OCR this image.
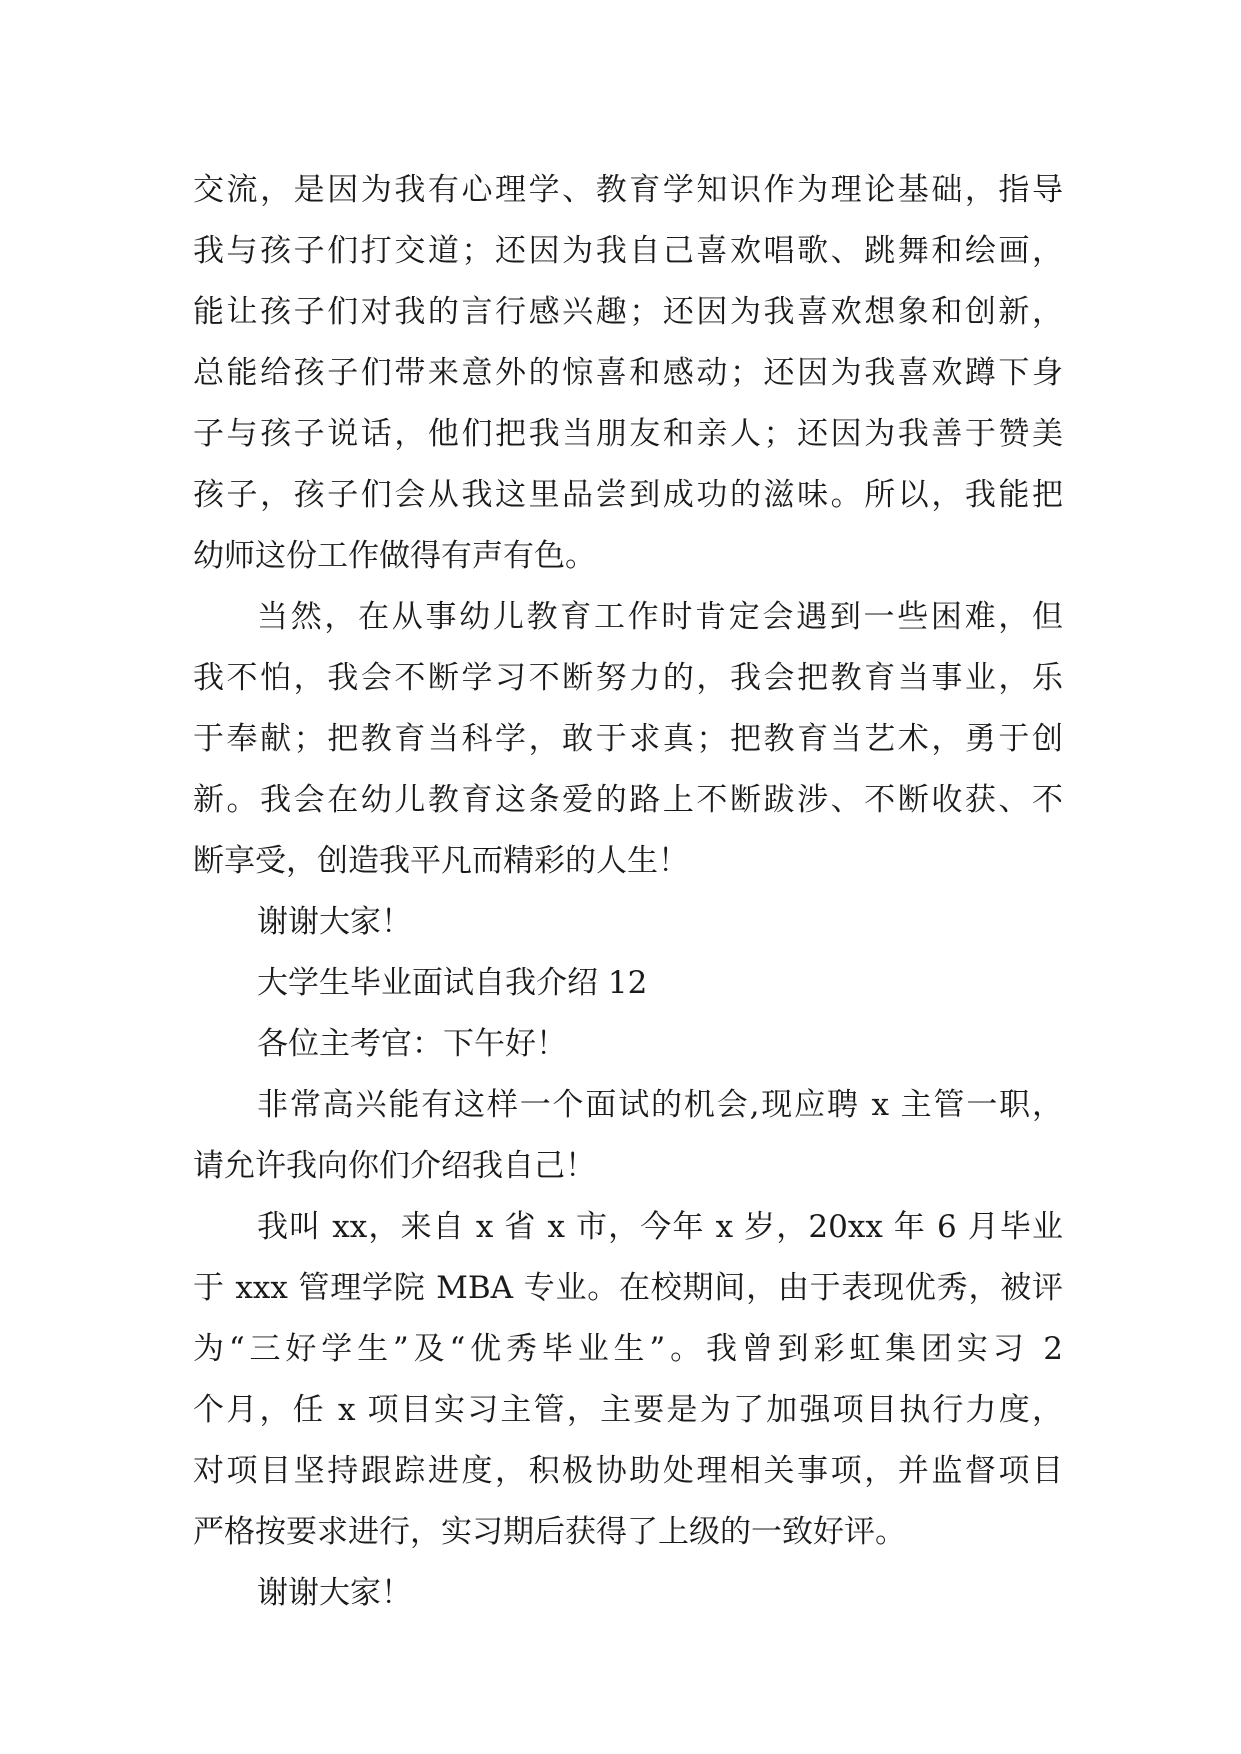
交流，是因为我有心理学、教育学知识作为理论基础，指导
我与孩子们打交道；还因为我自己喜欢唱歌、跳舞和绘画，
能让孩子们对我的言行感兴趣；还因为我喜欢想象和创新，
总能给孩子们带来意外的惊喜和感动；还因为我喜欢蹲下身
子与孩子说话，他们把我当朋友和亲人；还因为我善于赞美
孩子，孩子们会从我这里品尝到成功的滋味。所以，我能把
幼师这份工作做得有声有色。
当然，在从事幼儿教育工作时肯定会遇到一些困难，但
我不怕，我会不断学习不断努力的，我会把教育当事业，乐
于奉献；把教育当科学，敢于求真；把教育当艺术，勇于创
新。我会在幼儿教育这条爱的路上不断跋涉、不断收获、不
断享受，创造我平凡而精彩的人生！
谢谢大家！
大学生毕业面试自我介绍 12
各位主考官：下午好！
非常高兴能有这样一个面试的机会,现应聘 x 主管一职，
请允许我向你们介绍我自己！
我叫 xx，来自 x 省 x 市，今年 x 岁，20xx 年 6 月毕业
于 xxx 管理学院 MBA 专业。在校期间，由于表现优秀，被评
为“三好学生”及“优秀毕业生”。我曾到彩虹集团实习 2
个月，任 x 项目实习主管，主要是为了加强项目执行力度，
对项目坚持跟踪进度，积极协助处理相关事项，并监督项目
严格按要求进行，实习期后获得了上级的一致好评。
谢谢大家！
